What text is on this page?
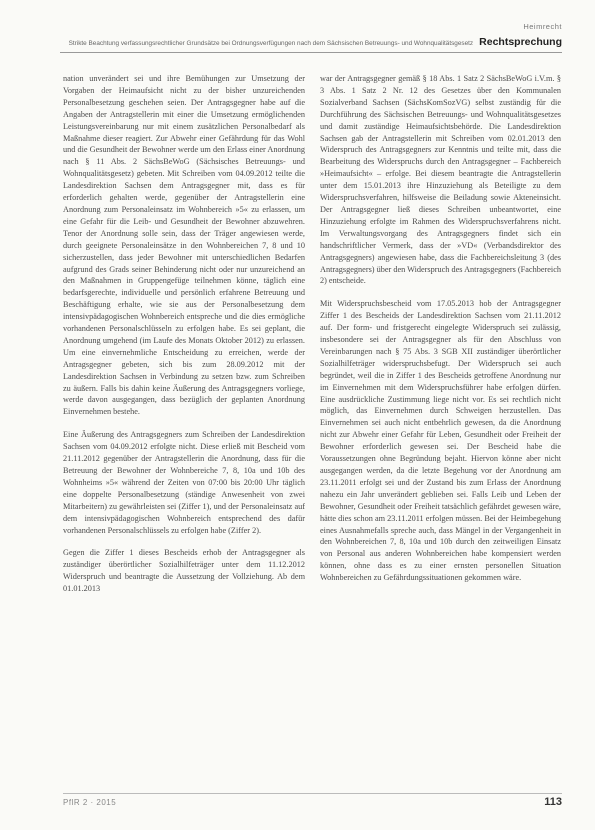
Heimrecht
Strikte Beachtung verfassungsrechtlicher Grundsätze bei Ordnungsverfügungen nach dem Sächsischen Betreuungs- und Wohnqualitätsgesetz Rechtsprechung

nation unverändert sei und ihre Bemühungen zur Umsetzung der Vorgaben der Heimaufsicht nicht zu der bisher unzureichenden Personalbesetzung geschehen seien. Der Antragsgegner habe auf die Angaben der Antragstellerin mit einer die Umsetzung ermöglichenden Leistungsvereinbarung nur mit einem zusätzlichen Personalbedarf als Maßnahme dieser reagiert. Zur Abwehr einer Gefährdung für das Wohl und die Gesundheit der Bewohner werde um den Erlass einer Anordnung nach § 11 Abs. 2 SächsBeWoG (Sächsisches Betreuungs- und Wohnqualitätsgesetz) gebeten. Mit Schreiben vom 04.09.2012 teilte die Landesdirektion Sachsen dem Antragsgegner mit, dass es für erforderlich gehalten werde, gegenüber der Antragstellerin eine Anordnung zum Personaleinsatz im Wohnbereich »5« zu erlassen, um eine Gefahr für die Leib- und Gesundheit der Bewohner abzuwehren. Tenor der Anordnung solle sein, dass der Träger angewiesen werde, durch geeignete Personaleinsätze in den Wohnbereichen 7, 8 und 10 sicherzustellen, dass jeder Bewohner mit unterschiedlichen Bedarfen aufgrund des Grads seiner Behinderung nicht oder nur unzureichend an den Maßnahmen in Gruppengefüge teilnehmen könne, täglich eine bedarfsgerechte, individuelle und persönlich erfahrene Betreuung und Beschäftigung erhalte, wie sie aus der Personalbesetzung dem intensivpädagogischen Wohnbereich entspreche und die dies ermögliche vorhandenen Personalschlüsseln zu erfolgen habe. Es sei geplant, die Anordnung umgehend (im Laufe des Monats Oktober 2012) zu erlassen. Um eine einvernehmliche Entscheidung zu erreichen, werde der Antragsgegner gebeten, sich bis zum 28.09.2012 mit der Landesdirektion Sachsen in Verbindung zu setzen bzw. zum Schreiben zu äußern. Falls bis dahin keine Äußerung des Antragsgegners vorliege, werde davon ausgegangen, dass bezüglich der geplanten Anordnung Einvernehmen bestehe.

Eine Äußerung des Antragsgegners zum Schreiben der Landesdirektion Sachsen vom 04.09.2012 erfolgte nicht. Diese erließ mit Bescheid vom 21.11.2012 gegenüber der Antragstellerin die Anordnung, dass für die Betreuung der Bewohner der Wohnbereiche 7, 8, 10a und 10b des Wohnheims »5« während der Zeiten von 07:00 bis 20:00 Uhr täglich eine doppelte Personalbesetzung (ständige Anwesenheit von zwei Mitarbeitern) zu gewährleisten sei (Ziffer 1), und der Personaleinsatz auf dem intensivpädagogischen Wohnbereich entsprechend des dafür vorhandenen Personalschlüssels zu erfolgen habe (Ziffer 2).

Gegen die Ziffer 1 dieses Bescheids erhob der Antragsgegner als zuständiger überörtlicher Sozialhilfeträger unter dem 11.12.2012 Widerspruch und beantragte die Aussetzung der Vollziehung. Ab dem 01.01.2013

war der Antragsgegner gemäß § 18 Abs. 1 Satz 2 SächsBeWoG i.V.m. § 3 Abs. 1 Satz 2 Nr. 12 des Gesetzes über den Kommunalen Sozialverband Sachsen (SächsKomSozVG) selbst zuständig für die Durchführung des Sächsischen Betreuungs- und Wohnqualitätsgesetzes und damit zuständige Heimaufsichtsbehörde. Die Landesdirektion Sachsen gab der Antragstellerin mit Schreiben vom 02.01.2013 den Widerspruch des Antragsgegners zur Kenntnis und teilte mit, dass die Bearbeitung des Widerspruchs durch den Antragsgegner – Fachbereich »Heimaufsicht« – erfolge. Bei diesem beantragte die Antragstellerin unter dem 15.01.2013 ihre Hinzuziehung als Beteiligte zu dem Widerspruchsverfahren, hilfsweise die Beiladung sowie Akteneinsicht. Der Antragsgegner ließ dieses Schreiben unbeantwortet, eine Hinzuziehung erfolgte im Rahmen des Widerspruchsverfahrens nicht. Im Verwaltungsvorgang des Antragsgegners findet sich ein handschriftlicher Vermerk, dass der »VD« (Verbandsdirektor des Antragsgegners) angewiesen habe, dass die Fachbereichsleitung 3 (des Antragsgegners) über den Widerspruch des Antragsgegners (Fachbereich 2) entscheide.

Mit Widerspruchsbescheid vom 17.05.2013 hob der Antragsgegner Ziffer 1 des Bescheids der Landesdirektion Sachsen vom 21.11.2012 auf. Der form- und fristgerecht eingelegte Widerspruch sei zulässig, insbesondere sei der Antragsgegner als für den Abschluss von Vereinbarungen nach § 75 Abs. 3 SGB XII zuständiger überörtlicher Sozialhilfeträger widerspruchsbefugt. Der Widerspruch sei auch begründet, weil die in Ziffer 1 des Bescheids getroffene Anordnung nur im Einvernehmen mit dem Widerspruchsführer habe erfolgen dürfen. Eine ausdrückliche Zustimmung liege nicht vor. Es sei rechtlich nicht möglich, das Einvernehmen durch Schweigen herzustellen. Das Einvernehmen sei auch nicht entbehrlich gewesen, da die Anordnung nicht zur Abwehr einer Gefahr für Leben, Gesundheit oder Freiheit der Bewohner erforderlich gewesen sei. Der Bescheid habe die Voraussetzungen ohne Begründung bejaht. Hiervon könne aber nicht ausgegangen werden, da die letzte Begehung vor der Anordnung am 23.11.2011 erfolgt sei und der Zustand bis zum Erlass der Anordnung nahezu ein Jahr unverändert geblieben sei. Falls Leib und Leben der Bewohner, Gesundheit oder Freiheit tatsächlich gefährdet gewesen wäre, hätte dies schon am 23.11.2011 erfolgen müssen. Bei der Heimbegehung eines Ausnahmefalls spreche auch, dass Mängel in der Vergangenheit in den Wohnbereichen 7, 8, 10a und 10b durch den zeitweiligen Einsatz von Personal aus anderen Wohnbereichen habe kompensiert werden können, ohne dass es zu einer ernsten personellen Situation Wohnbereichen zu Gefährdungssituationen gekommen wäre.

PflR 2 · 2015	113
